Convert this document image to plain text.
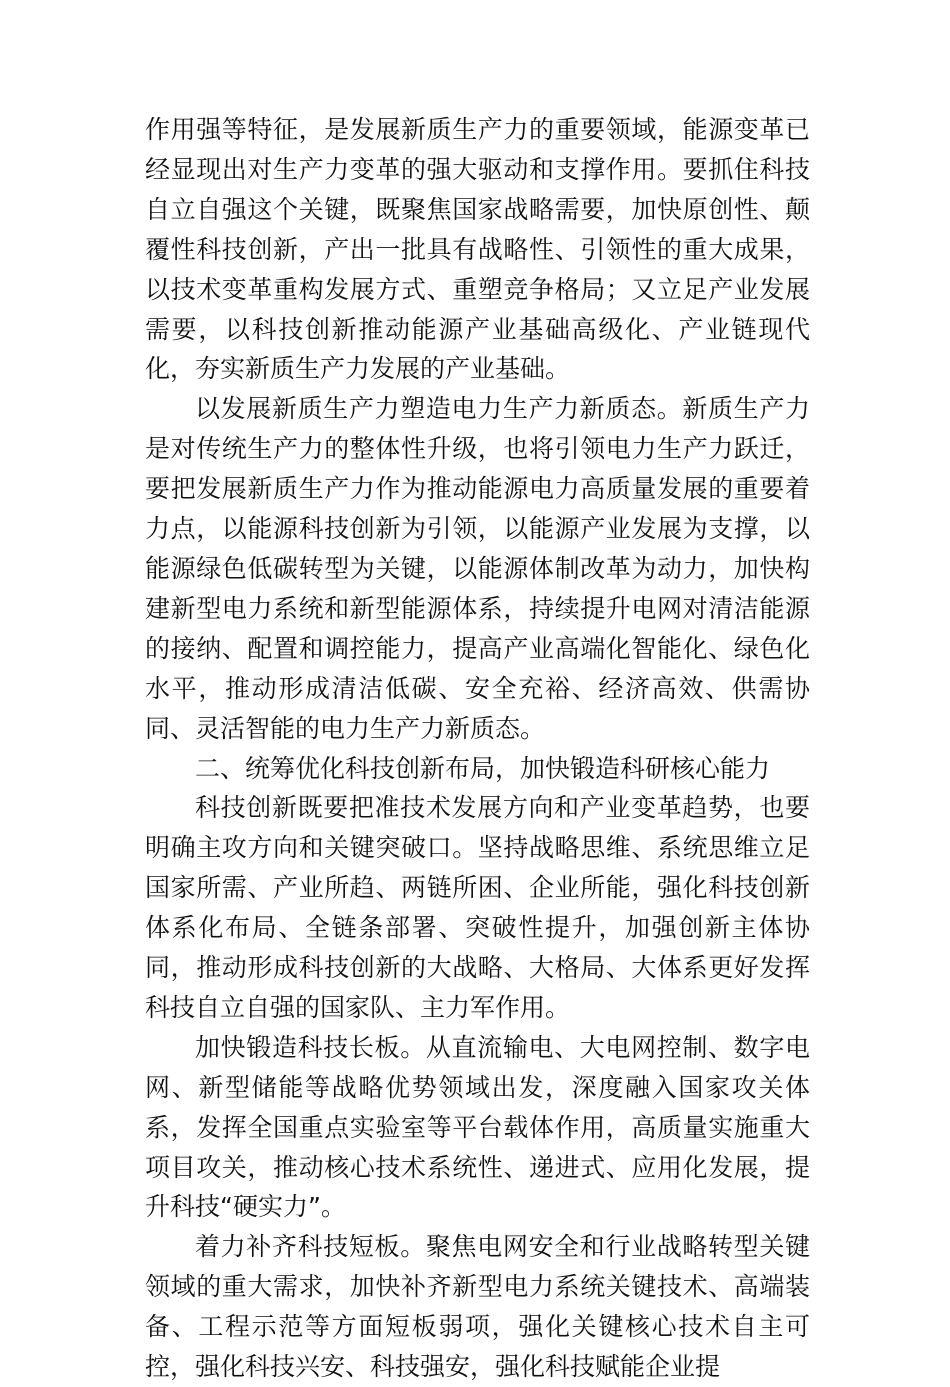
作用强等特征，是发展新质生产力的重要领域，能源变革已经显现出对生产力变革的强大驱动和支撑作用。要抓住科技自立自强这个关键，既聚焦国家战略需要，加快原创性、颠覆性科技创新，产出一批具有战略性、引领性的重大成果，以技术变革重构发展方式、重塑竞争格局；又立足产业发展需要，以科技创新推动能源产业基础高级化、产业链现代化，夯实新质生产力发展的产业基础。

以发展新质生产力塑造电力生产力新质态。新质生产力是对传统生产力的整体性升级，也将引领电力生产力跃迁，要把发展新质生产力作为推动能源电力高质量发展的重要着力点，以能源科技创新为引领，以能源产业发展为支撑，以能源绿色低碳转型为关键，以能源体制改革为动力，加快构建新型电力系统和新型能源体系，持续提升电网对清洁能源的接纳、配置和调控能力，提高产业高端化智能化、绿色化水平，推动形成清洁低碳、安全充裕、经济高效、供需协同、灵活智能的电力生产力新质态。

二、统筹优化科技创新布局，加快锻造科研核心能力

科技创新既要把准技术发展方向和产业变革趋势，也要明确主攻方向和关键突破口。坚持战略思维、系统思维立足国家所需、产业所趋、两链所困、企业所能，强化科技创新体系化布局、全链条部署、突破性提升，加强创新主体协同，推动形成科技创新的大战略、大格局、大体系更好发挥科技自立自强的国家队、主力军作用。

加快锻造科技长板。从直流输电、大电网控制、数字电网、新型储能等战略优势领域出发，深度融入国家攻关体系，发挥全国重点实验室等平台载体作用，高质量实施重大项目攻关，推动核心技术系统性、递进式、应用化发展，提升科技“硬实力”。

着力补齐科技短板。聚焦电网安全和行业战略转型关键领域的重大需求，加快补齐新型电力系统关键技术、高端装备、工程示范等方面短板弱项，强化关键核心技术自主可控，强化科技兴安、科技强安，强化科技赋能企业提
